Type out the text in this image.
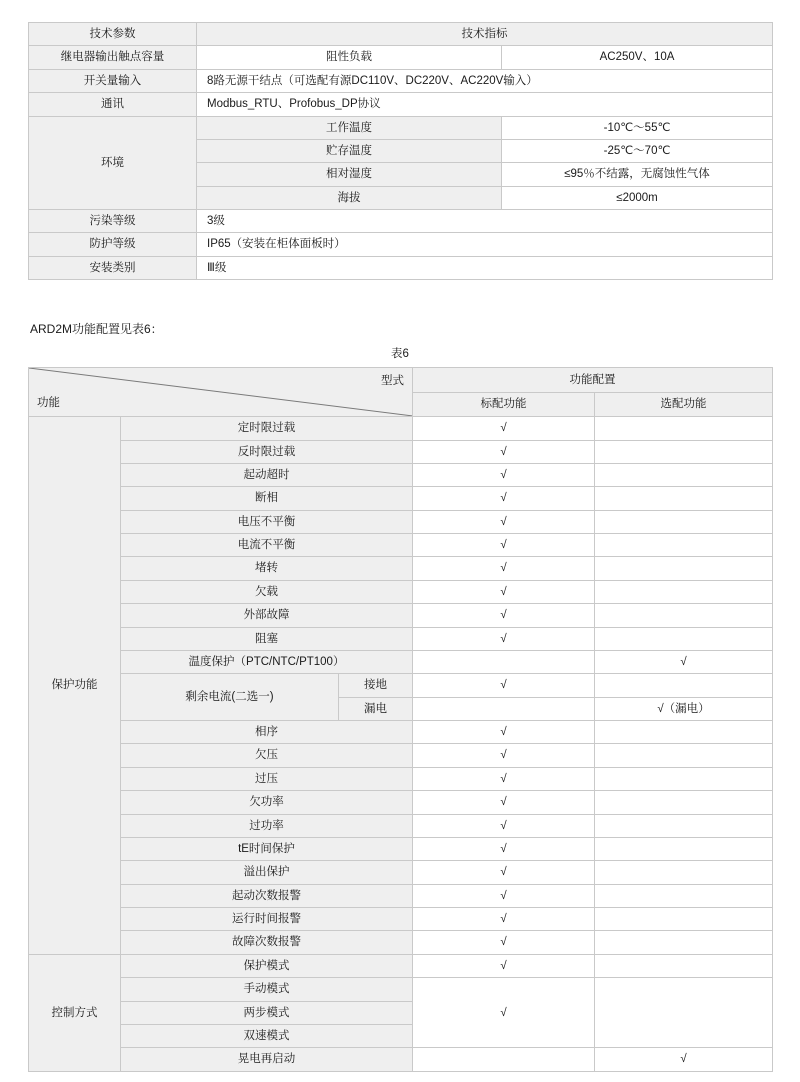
技术参数	技术指标	
继电器输出触点容量	阻性负载	AC250V、10A
开关量输入	8路无源干结点（可选配有源DC110V、DC220V、AC220V输入）	
通讯	Modbus_RTU、Profobus_DP协议	
环境	工作温度	-10℃～55℃
	贮存温度	-25℃～70℃
	相对湿度	≤95％不结露，无腐蚀性气体
	海拔	≤2000m
污染等级	3级	
防护等级	IP65（安装在柜体面板时）	
安装类别	Ⅲ级	

ARD2M功能配置见表6：

表6
型式
功能			功能配置	
			标配功能	选配功能
保护功能	定时限过载		√	
	反时限过载		√	
	起动超时		√	
	断相		√	
	电压不平衡		√	
	电流不平衡		√	
	堵转		√	
	欠载		√	
	外部故障		√	
	阻塞		√	
	温度保护（PTC/NTC/PT100）			√
	剩余电流(二选一)	接地	√	
		漏电		√（漏电）
	相序		√	
	欠压		√	
	过压		√	
	欠功率		√	
	过功率		√	
	tE时间保护		√	
	溢出保护		√	
	起动次数报警		√	
	运行时间报警		√	
	故障次数报警		√	
控制方式	保护模式		√	
	手动模式		√	
	两步模式			
	双速模式			
	晃电再启动			√
